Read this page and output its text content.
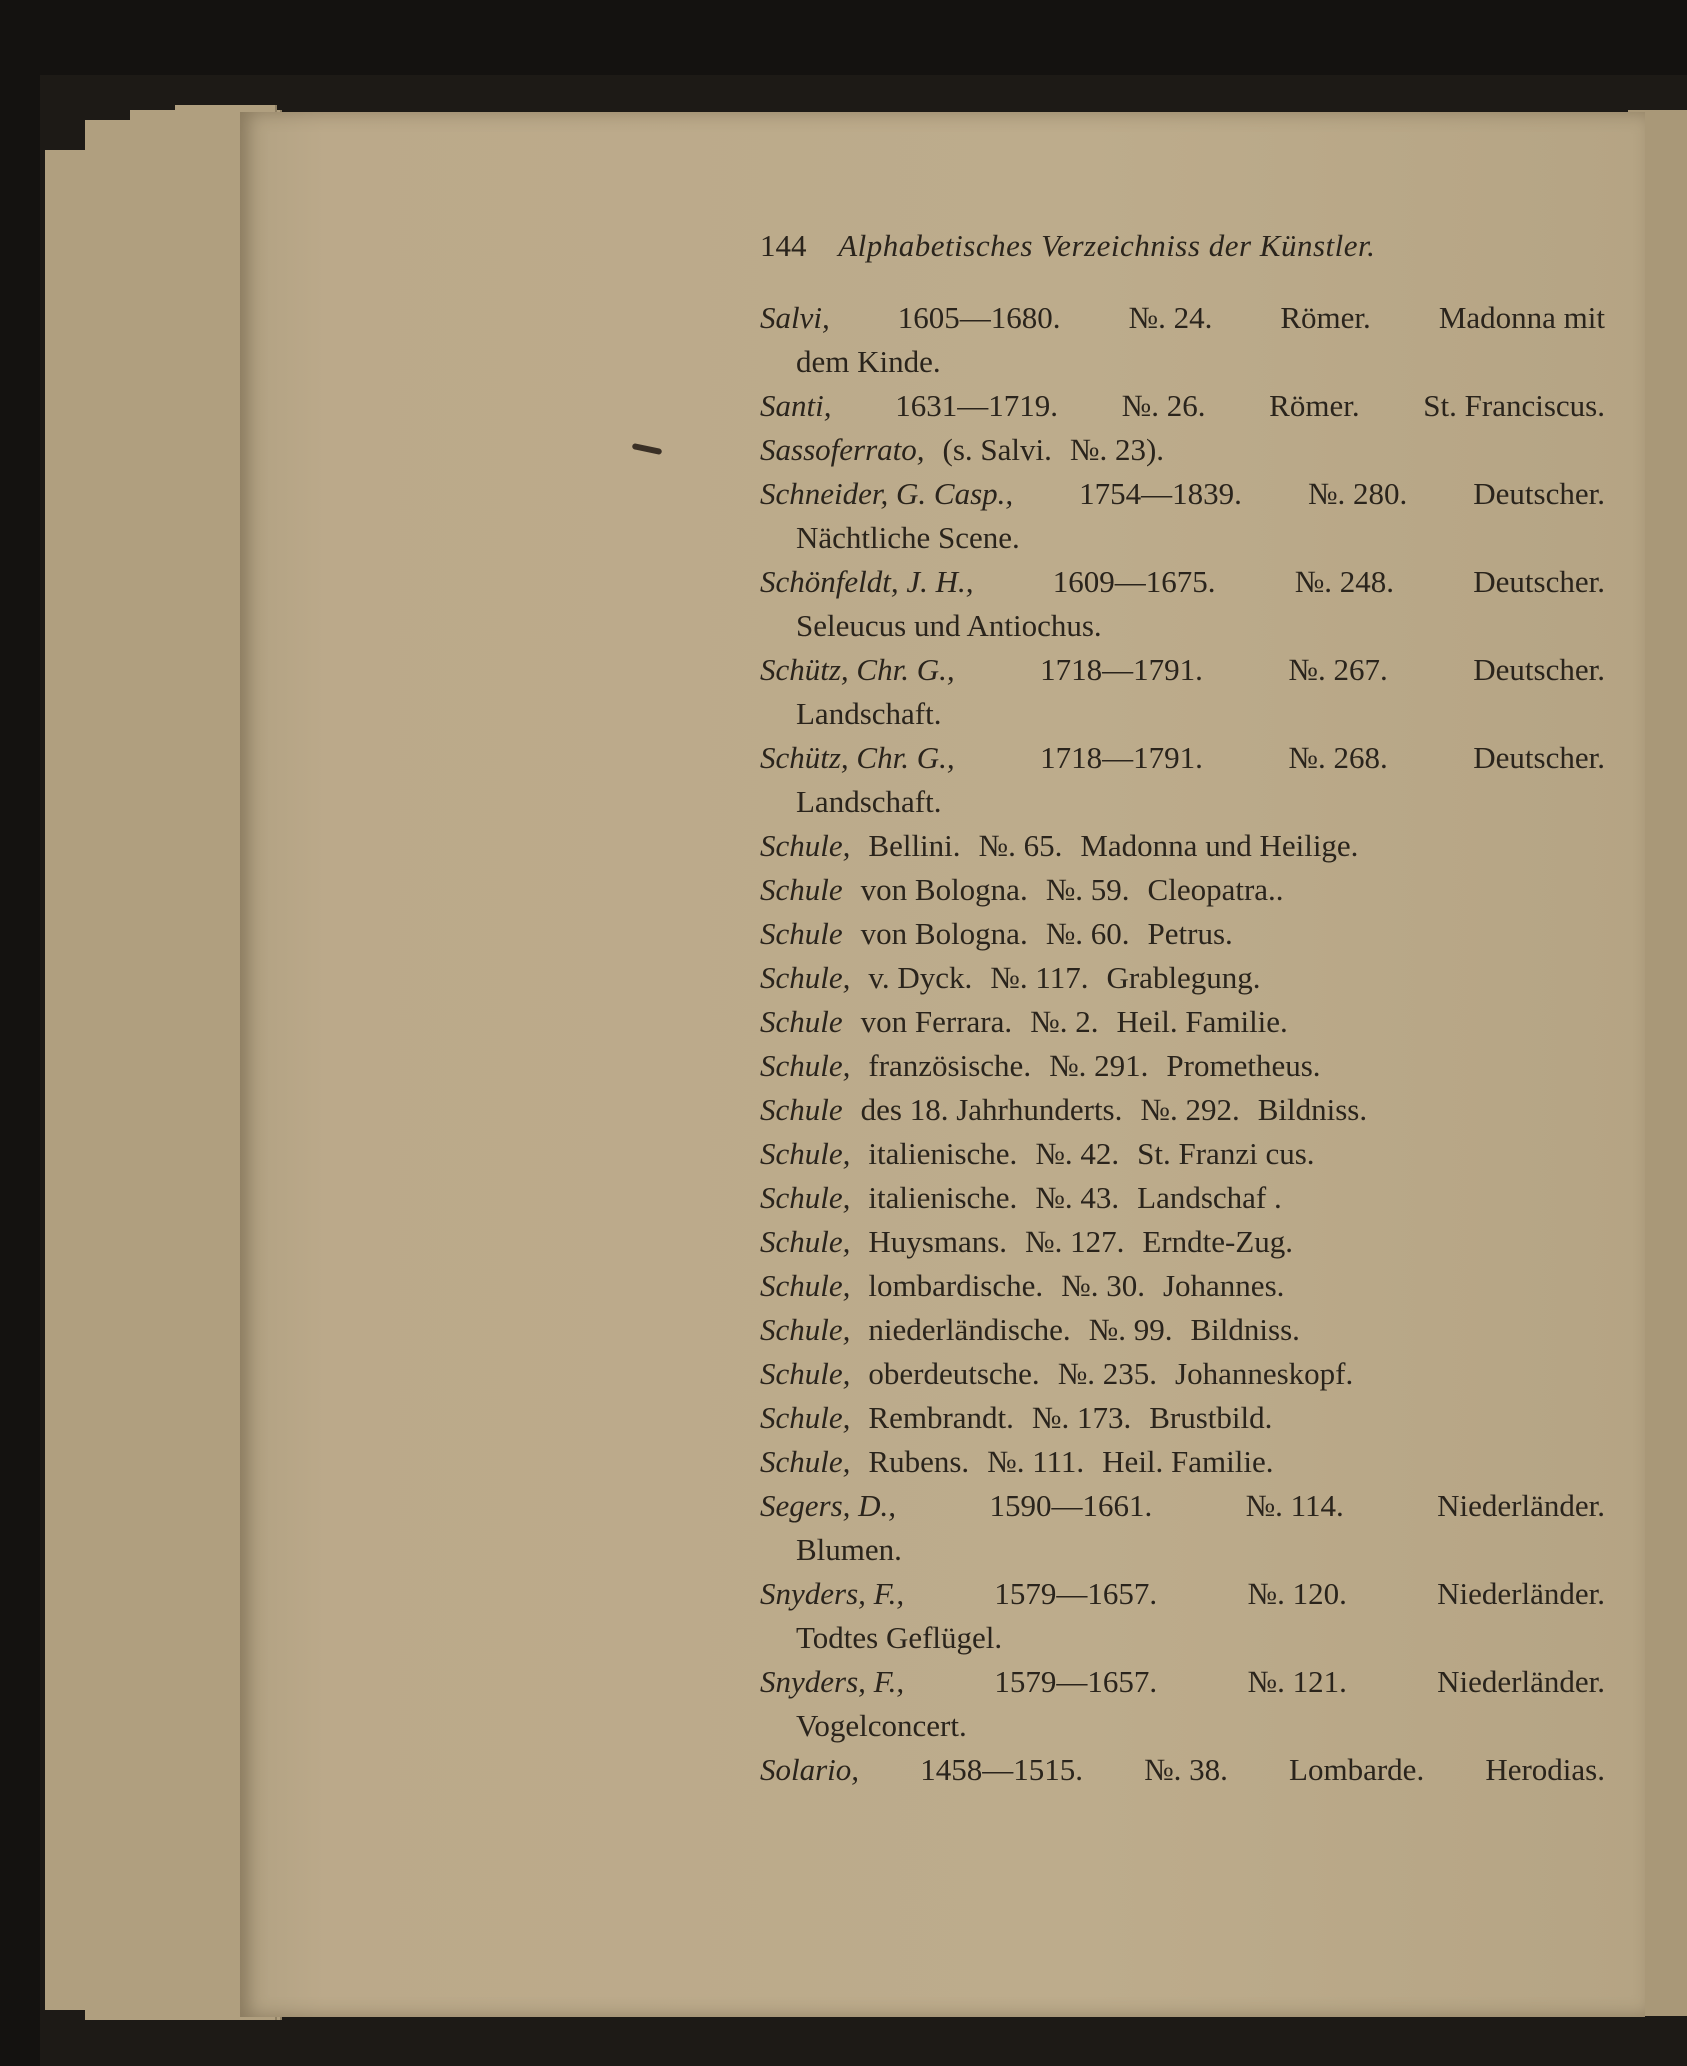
144 Alphabetisches Verzeichniss der Künstler.
Salvi, 1605—1680. №. 24. Römer. Madonna mit
dem Kinde.
Santi, 1631—1719. №. 26. Römer. St. Franciscus.
Sassoferrato, (s. Salvi. №. 23).
Schneider, G. Casp., 1754—1839. №. 280. Deutscher.
Nächtliche Scene.
Schönfeldt, J. H.,	1609—1675.	№. 248.	Deutscher.
Seleucus und Antiochus.
Schütz, Chr. G.,	1718—1791.	№. 267.	Deutscher.
Landschaft.
Schütz, Chr. G.,	1718—1791.	№. 268.	Deutscher.
Landschaft.
Schule, Bellini. №. 65. Madonna und Heilige.
Schule von Bologna. №. 59. Cleopatra..
Schule von Bologna. №. 60. Petrus.
Schule, v. Dyck. №. 117. Grablegung.
Schule von Ferrara. №. 2. Heil. Familie.
Schule, französische. №. 291. Prometheus.
Schule des 18. Jahrhunderts. №. 292. Bildniss.
Schule, italienische. №. 42. St. Franzi cus.
Schule, italienische. №. 43. Landschaf .
Schule, Huysmans. №. 127. Erndte-Zug.
Schule, lombardische. №. 30. Johannes.
Schule, niederländische. №. 99. Bildniss.
Schule, oberdeutsche. №. 235. Johanneskopf.
Schule, Rembrandt. №. 173. Brustbild.
Schule, Rubens. №. 111. Heil. Familie.
Segers, D.,	1590—1661.	№. 114.	Niederländer.
Blumen.
Snyders, F.,	1579—1657.	№. 120.	Niederländer.
Todtes Geflügel.
Snyders, F.,	1579—1657.	№. 121.	Niederländer.
Vogelconcert.
Solario, 1458—1515. №. 38. Lombarde. Herodias.
